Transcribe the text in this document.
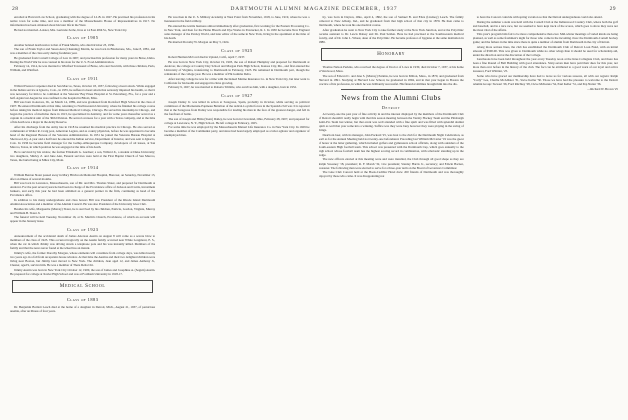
28	DARTMOUTH ALUMNI MAGAZINE DECEMBER, 1937	29

enrolled at Harvard Law School, graduating with the degree of LL.B. in 1927. He practised his profession in his native town for some time, and was a member of the Massachusetts House of Representatives in 1917. No information has been obtained about his later life in the West.

He had not married. A sister, Mrs. Gertrude Zerbe, lives at 14 East 48th St., New York City.

Class of 1905

Another belated death notice is that of Frank Martin, who died October 23, 1936.

The son of Frank Taylor and Susan Ann (Channing) Martin, he was born in Blackstone, Mo., June 8, 1881, and was a member of the class early during freshman year.

He graduated from Cornell College of Law in 1907, and practised his profession for many years in Boise, Idaho. During the World War he was counsel in his state for the U. S. Food Administration.

February 14, 1914, he was married to Winifred Townsend of Boise, who survives him, with three children, Paris, William, and Winifred.

Class of 1911

Willard Preston Carpenter died in San Marcos, Texas, October 18, 1937, following a heart attack. While engaged in the Indian service at Ignacio, Colo., in 1935, he suffered a heart attack that seriously impaired his health, so that it was necessary for him to be combined at the Veterans' Bay Pines Hospital at St. Petersburg, Fla., for a year and a half. Again last August he was confined to the hospital in Biloxi, Miss.

Bill was born in Aurora, Ill., on March 14, 1889, and was graduated from Rockford High School in the class of 1907. He entered Dartmouth at that time, returning to Northwestern University, where he finished his college course before taking his medical degree from Rideout Medical College, Chicago. He served his internship in Chicago, and began the practice of medicine there in 1913, he specialized in dentistry, and for some years thereafter served as a captain in a medical unit of the 36th Division. He served overseas for a year with a Texas company, and at the time of his death was a major in the Army Reserve.

After his discharge from the Army late in 1918 he resumed his medical practice in Chicago. He also served as commander at Walter R. Craig post, American Legion, and as county physician, before he was appointed to become head of the Regional Bureau of the Veterans Administration. In 1931 he joined the Veterans Bureau Hospital at Sherwood, Ky. A year and a half later he entered the Indian service, Department of Interior, and was sent to Ignacio, Colo. In 1936 he became field manager for the Gallup-Albuquerque Company, developers of oil leases, at San Marcos, Texas, in which position he was engaged at the time of his death.

He is survived by his widow, the former Elizabeth G. Gardner; a son, Willard Jr., a student at Duke University; two daughters, Shirley Z. and June Ann, Funeral services were held at the First Baptist Church of San Marcos, Texas, the burial being at Miles City, Mont.

Class of 1914

William Benton Slater passed away in Mary Hitchcock Memorial Hospital, Hanover, on Saturday, November 13, after an illness of several months.

Bill was born in Lawrence, Massachusetts, son of Mr. and Mrs. Thomas Slater, and prepared for Dartmouth at Andover. For the past several years he had been in charge of the Providence office of Jackson and Curtis, investment bankers, and early this year he had been admitted as a general partner in the firm, continuing as head of the Providence office.

In addition to his many undergraduate and class honors Bill was President of the Rhode Island Dartmouth Alumni Association and a member of the Alumni Council. He was also President of the University Glee Club.

Besides his wife, Marguerite (Murray) Slater, he is survived by his children, Patricia, Gordon, Virginia, Murray and William B. Slater Jr.

The funeral will be held Tuesday, November 16, at St. Martin's Church, Providence, of which an account will appear in the January issue.

Class of 1923

Announcement of the accidental death of James Atterson Austin on August 8 will come as a severe blow to members of the class of 1923. This occurred tragically on the Austin family occurred near White Longmont, E. S., when the car in which Jimmy was driving struck a telephone pole and his was instantly killed. Members of the family and that the news never found at the wheel has an instant.

Jimmy's wife, the former Dorothy Morgan, whose elements will constitute from college days, was killed nearly two years ago in a fall from an upstairs house window. At that time the Austins and their two delighted children were living near Boston, but Jimmy later moved to New York. The children, Jean aged 12, and James Anthony Jr., Chester, aged 9, survive him. He was a member of Theta Delta Chi.

Jimmy Austin was born in New York City October 12, 1900, the son of James and Josephine A. (Seguin) Austin. He prepared for college at Xavier High School and was at Fordham University in 1918-17.

Medical School
Class of 1883

Dr. Benjamin Bartlett Leach died at the home of a daughter in Detroit, Mich., August 21, 1937, of pernicious anemia, after an illness of four years.

He was then in the U. S. Military Academy at West Point from November, 1918, to June, 1919, where he was a lieutenant in the field artillery.

He entered the textile business almost immediately after graduation, first working for the Eastern Processing Co. in New York, and then for the Home Bleach and Dye Works in Pawtucket, R. I. In 1930 he became New England sales manager of the Parsley World, and later editor of the same in New York, living in the apartment at the time of his death.

He married Dorothy W. Morgan on May 3, 1924.

Class of 1925

Robert Herman McCord died in Upland, Calif., April 7, 1937.

He was born in New York City, October 19, 1903, the son of Robert Humphry and prepared for Dartmouth at Andover, the college at Country Day School and Morgan Park High School, Kansas City, Mo., and first entered the University of Virginia, transferring to Dartmouth in February, 1923. He remained in Dartmouth part, though the remainder of the college year. He was a member of Phi Gamma Delta.

After leaving college he was for a time with the Indeed Marine Insurance Co. in New York City, but later went to California for his health and engaged in citrus growing.

February 9, 1927, he was married to Roberta Trimble, who survives him, with a daughter, born in 1932.

Class of 1927

Joseph Dailey Jr. was killed in action at Saragossa, Spain, probably in October, while serving as political commissar of the Mackenzie-Papineau Battalion of the radical-Loyalist forces in the Spanish civil war. It is reported that at the Saragossa front Dailey was responsible for leading his men in the face of the greatest danger, and fell in the forefront of battle.

The son of Joseph and Hilda (Stern) Dailey, he was born in Cleveland, Ohio, February 28, 1907, and prepared for college at Lawrence, N. Y., High School. He left college in February, 1925.

For some time he was employed by the Massachusetts Mutual Life Insurance Co. in New York City. In 1929 he became a member of the Communist party, and since had been largely employed as a labor agitator and organizer of unemployed men.

ity, was born in Dayton, Ohio, April 4, 1862, the son of Samuel B. and Eliza (Lindsey) Leach. The family removed to New Albany, Ind., and he graduated from that high school of that city in 1879. He then came to Dartmouth, where he took his one medical course.

After graduation he went to New York City to take further study at the New York Junction, and at the Polyclinic became assistant to Dr. Lewis Dalsey and Dr. Paul Selden. Here he had practised at the Southwestern medical faculty, and of Dr. John L. Wheat, dean of the Polyclinic. He became professor of hygiene at the same institution in 1886.

Honorary

Thomas Nelson Perkins, who received the degree of Doctor of Laws in 1930, died October 7, 1937, at his home at Westwood, Mass.

The son of Edward C. and Jane S. (Murray) Perkins, he was born in Milton, Mass., in 1870, and graduated from Harvard in 1891. Studying at Harvard Law School, he graduated in 1894, and in that year began in Boston the practice of his profession, in which he was brilliantly successful. His financial abilities brought him into the dis-

News from the Alumni Clubs
Detroit

At twenty-one the past year of fine activity in and the interest displayed by the members of the Dartmouth Club of Detroit shouldn't really begin with that this season meeting between the Varsity Hockey Team and the Pittsburgh Semi-Pro Team last winter, but that event was well attended with a fine spirit and was filled with splendid alumni spirit as well that year some into a winning. Suffice was they were busy however they were playing in the swing of things.

Dearborn beer, with its manager, John Packard '25, was host to the club for the Dartmouth Night Celebration, as well as for the Annual Meeting held not twenty-one beforehand. Preceding last William McCarter '19 was the guest of honor at the latter gathering, which included golfers and gymnasters school officials, along with outsiders of the South-eastern High football team. This school was presented with the Dartmouth Cup, which goes annually to the high school whose football team has the highest scoring record in combination, with scholastic standing up in the judge.

The new officers elected at this meeting were and were installed, the Club through all good shape as they are Ralph Sweeney '18, president; R. F. Marsh '32, vice president; Stanley Harris Jr., secretary; and Edwin Backer, treasurer. The following men were elected to serve for a three-year term on the Board of Governors Committee:

The Glee Club Concert held at the Book-Cadillac Hotel drew 450 friends of Dartmouth and was thoroughly enjoyed by those who came. It was disappointing not

to have the Concert coincide with spring vacation so that the Detroit undergraduate could also attend.

During the summer a stein was held with the Cornell Club at the Indianwood Country Club, where both the golf and baseball, and in a nice race, but we seemed to have kept track of the scores, which goes to show they were not the most vital of the affairs.

This year's program bids fair to be more comprehensive than ever. Mid-winter meetings of varied kinds are being planned, as well as some freshmen's night for those who come in the incoming class: the Dartmouth-Cornell hockey game; and the fathers in the time since there is quite a number of alumni from Dartmouth in the city of Detroit.

Along more serious lines, the club has established the Dartmouth Club of Detroit Loan Fund, with an initial amount of $500.00. This was given to Dartmouth while no other wings than it should be used for scholarship aid, under the direction and at the discretion of the College.

Luncheons have been held throughout the year every Tuesday noon at the Inter-Collegiate Club, and there has been a fine Round of Ball Building with good attendance. Sixty-seven men have paid their dues for this year, not more than ever before in the history of the club. The fact can be attributed to a good work of our loyal and active treasurer, Ford Whittier, '25.

Some who have graced our membership have had to leave us for various reasons, all with our regrets: Ralph "Curly" Lee, Charlie McAllister '31, Steve Keller '30. Those we have had the pleasure to welcome to the Detroit Alumni Group: Stewart '26, Ford Ritchley '28, Cleve McKenna '34, Paul Keller '31, and Pep Nutter '36.

—Richard W. Brown '25
